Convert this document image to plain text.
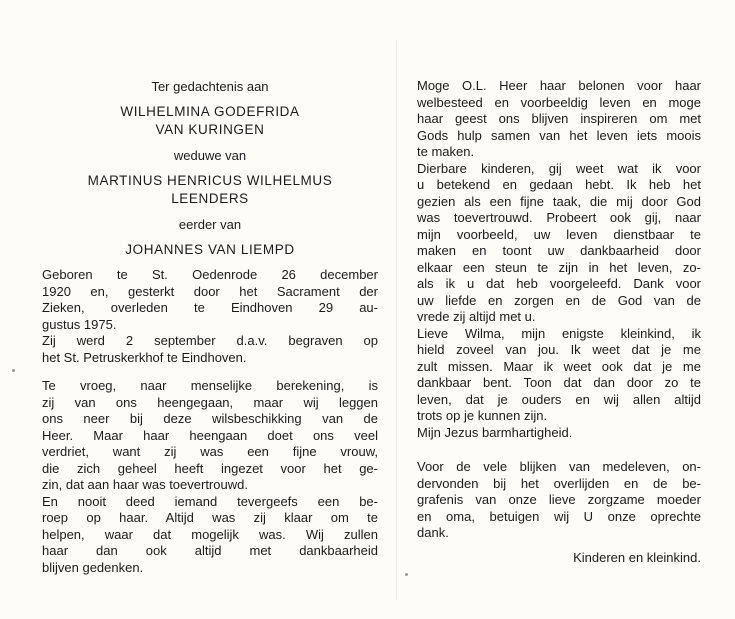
Ter gedachtenis aan
WILHELMINA GODEFRIDA
VAN KURINGEN
weduwe van
MARTINUS HENRICUS WILHELMUS
LEENDERS
eerder van
JOHANNES VAN LIEMPD
Geboren te St. Oedenrode 26 december
1920 en, gesterkt door het Sacrament der
Zieken, overleden te Eindhoven 29 au-
gustus 1975.
Zij werd 2 september d.a.v. begraven op
het St. Petruskerkhof te Eindhoven.
Te vroeg, naar menselijke berekening, is
zij van ons heengegaan, maar wij leggen
ons neer bij deze wilsbeschikking van de
Heer. Maar haar heengaan doet ons veel
verdriet, want zij was een fijne vrouw,
die zich geheel heeft ingezet voor het ge-
zin, dat aan haar was toevertrouwd.
En nooit deed iemand tevergeefs een be-
roep op haar. Altijd was zij klaar om te
helpen, waar dat mogelijk was. Wij zullen
haar dan ook altijd met dankbaarheid
blijven gedenken.
Moge O.L. Heer haar belonen voor haar
welbesteed en voorbeeldig leven en moge
haar geest ons blijven inspireren om met
Gods hulp samen van het leven iets moois
te maken.
Dierbare kinderen, gij weet wat ik voor
u betekend en gedaan hebt. Ik heb het
gezien als een fijne taak, die mij door God
was toevertrouwd. Probeert ook gij, naar
mijn voorbeeld, uw leven dienstbaar te
maken en toont uw dankbaarheid door
elkaar een steun te zijn in het leven, zo-
als ik u dat heb voorgeleefd. Dank voor
uw liefde en zorgen en de God van de
vrede zij altijd met u.
Lieve Wilma, mijn enigste kleinkind, ik
hield zoveel van jou. Ik weet dat je me
zult missen. Maar ik weet ook dat je me
dankbaar bent. Toon dat dan door zo te
leven, dat je ouders en wij allen altijd
trots op je kunnen zijn.
Mijn Jezus barmhartigheid.
Voor de vele blijken van medeleven, on-
dervonden bij het overlijden en de be-
grafenis van onze lieve zorgzame moeder
en oma, betuigen wij U onze oprechte
dank.
Kinderen en kleinkind.
